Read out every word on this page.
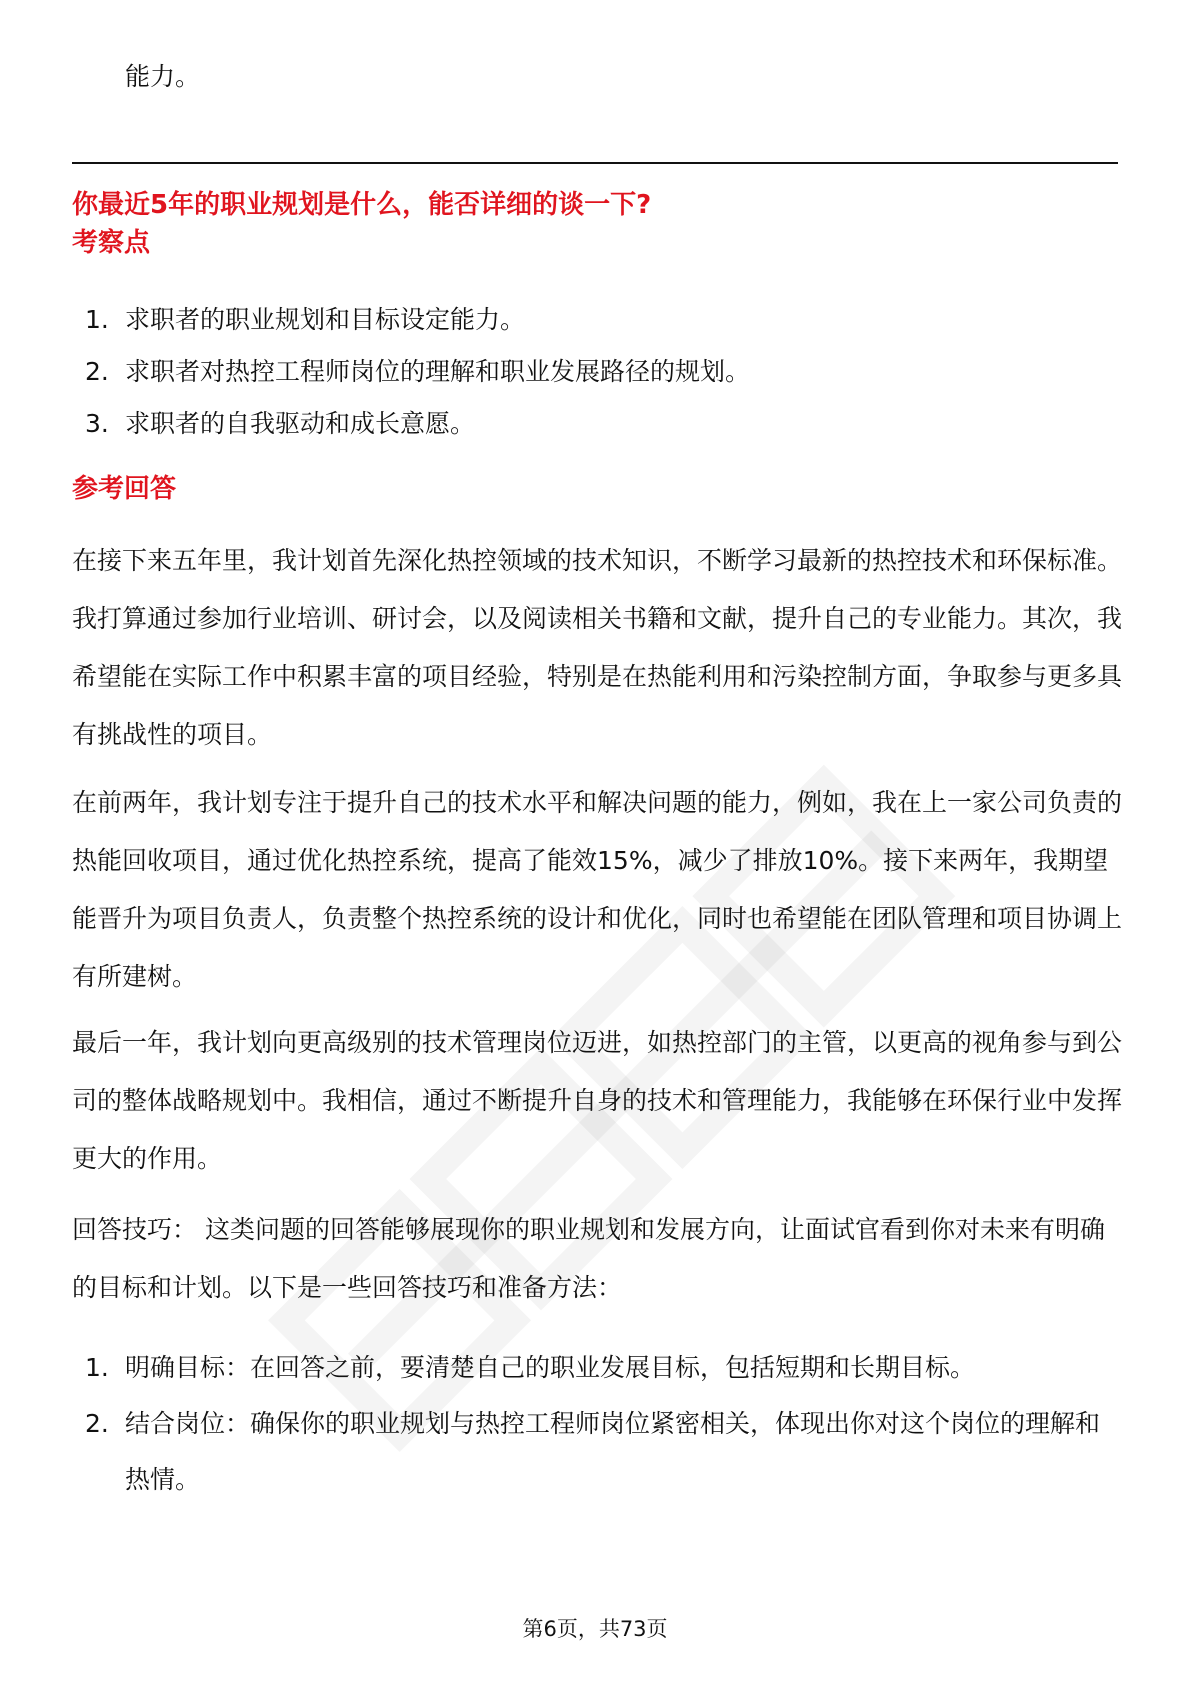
能力。
你最近5年的职业规划是什么，能否详细的谈一下?
考察点
1. 求职者的职业规划和目标设定能力。
2. 求职者对热控工程师岗位的理解和职业发展路径的规划。
3. 求职者的自我驱动和成长意愿。
参考回答

在接下来五年里，我计划首先深化热控领域的技术知识，不断学习最新的热控技术和环保标准。我打算通过参加行业培训、研讨会，以及阅读相关书籍和文献，提升自己的专业能力。其次，我希望能在实际工作中积累丰富的项目经验，特别是在热能利用和污染控制方面，争取参与更多具有挑战性的项目。

在前两年，我计划专注于提升自己的技术水平和解决问题的能力，例如，我在上一家公司负责的热能回收项目，通过优化热控系统，提高了能效15%，减少了排放10%。接下来两年，我期望能晋升为项目负责人，负责整个热控系统的设计和优化，同时也希望能在团队管理和项目协调上有所建树。

最后一年，我计划向更高级别的技术管理岗位迈进，如热控部门的主管，以更高的视角参与到公司的整体战略规划中。我相信，通过不断提升自身的技术和管理能力，我能够在环保行业中发挥更大的作用。

回答技巧： 这类问题的回答能够展现你的职业规划和发展方向，让面试官看到你对未来有明确的目标和计划。以下是一些回答技巧和准备方法：

1. 明确目标：在回答之前，要清楚自己的职业发展目标，包括短期和长期目标。
2. 结合岗位：确保你的职业规划与热控工程师岗位紧密相关，体现出你对这个岗位的理解和热情。
第6页，共73页
